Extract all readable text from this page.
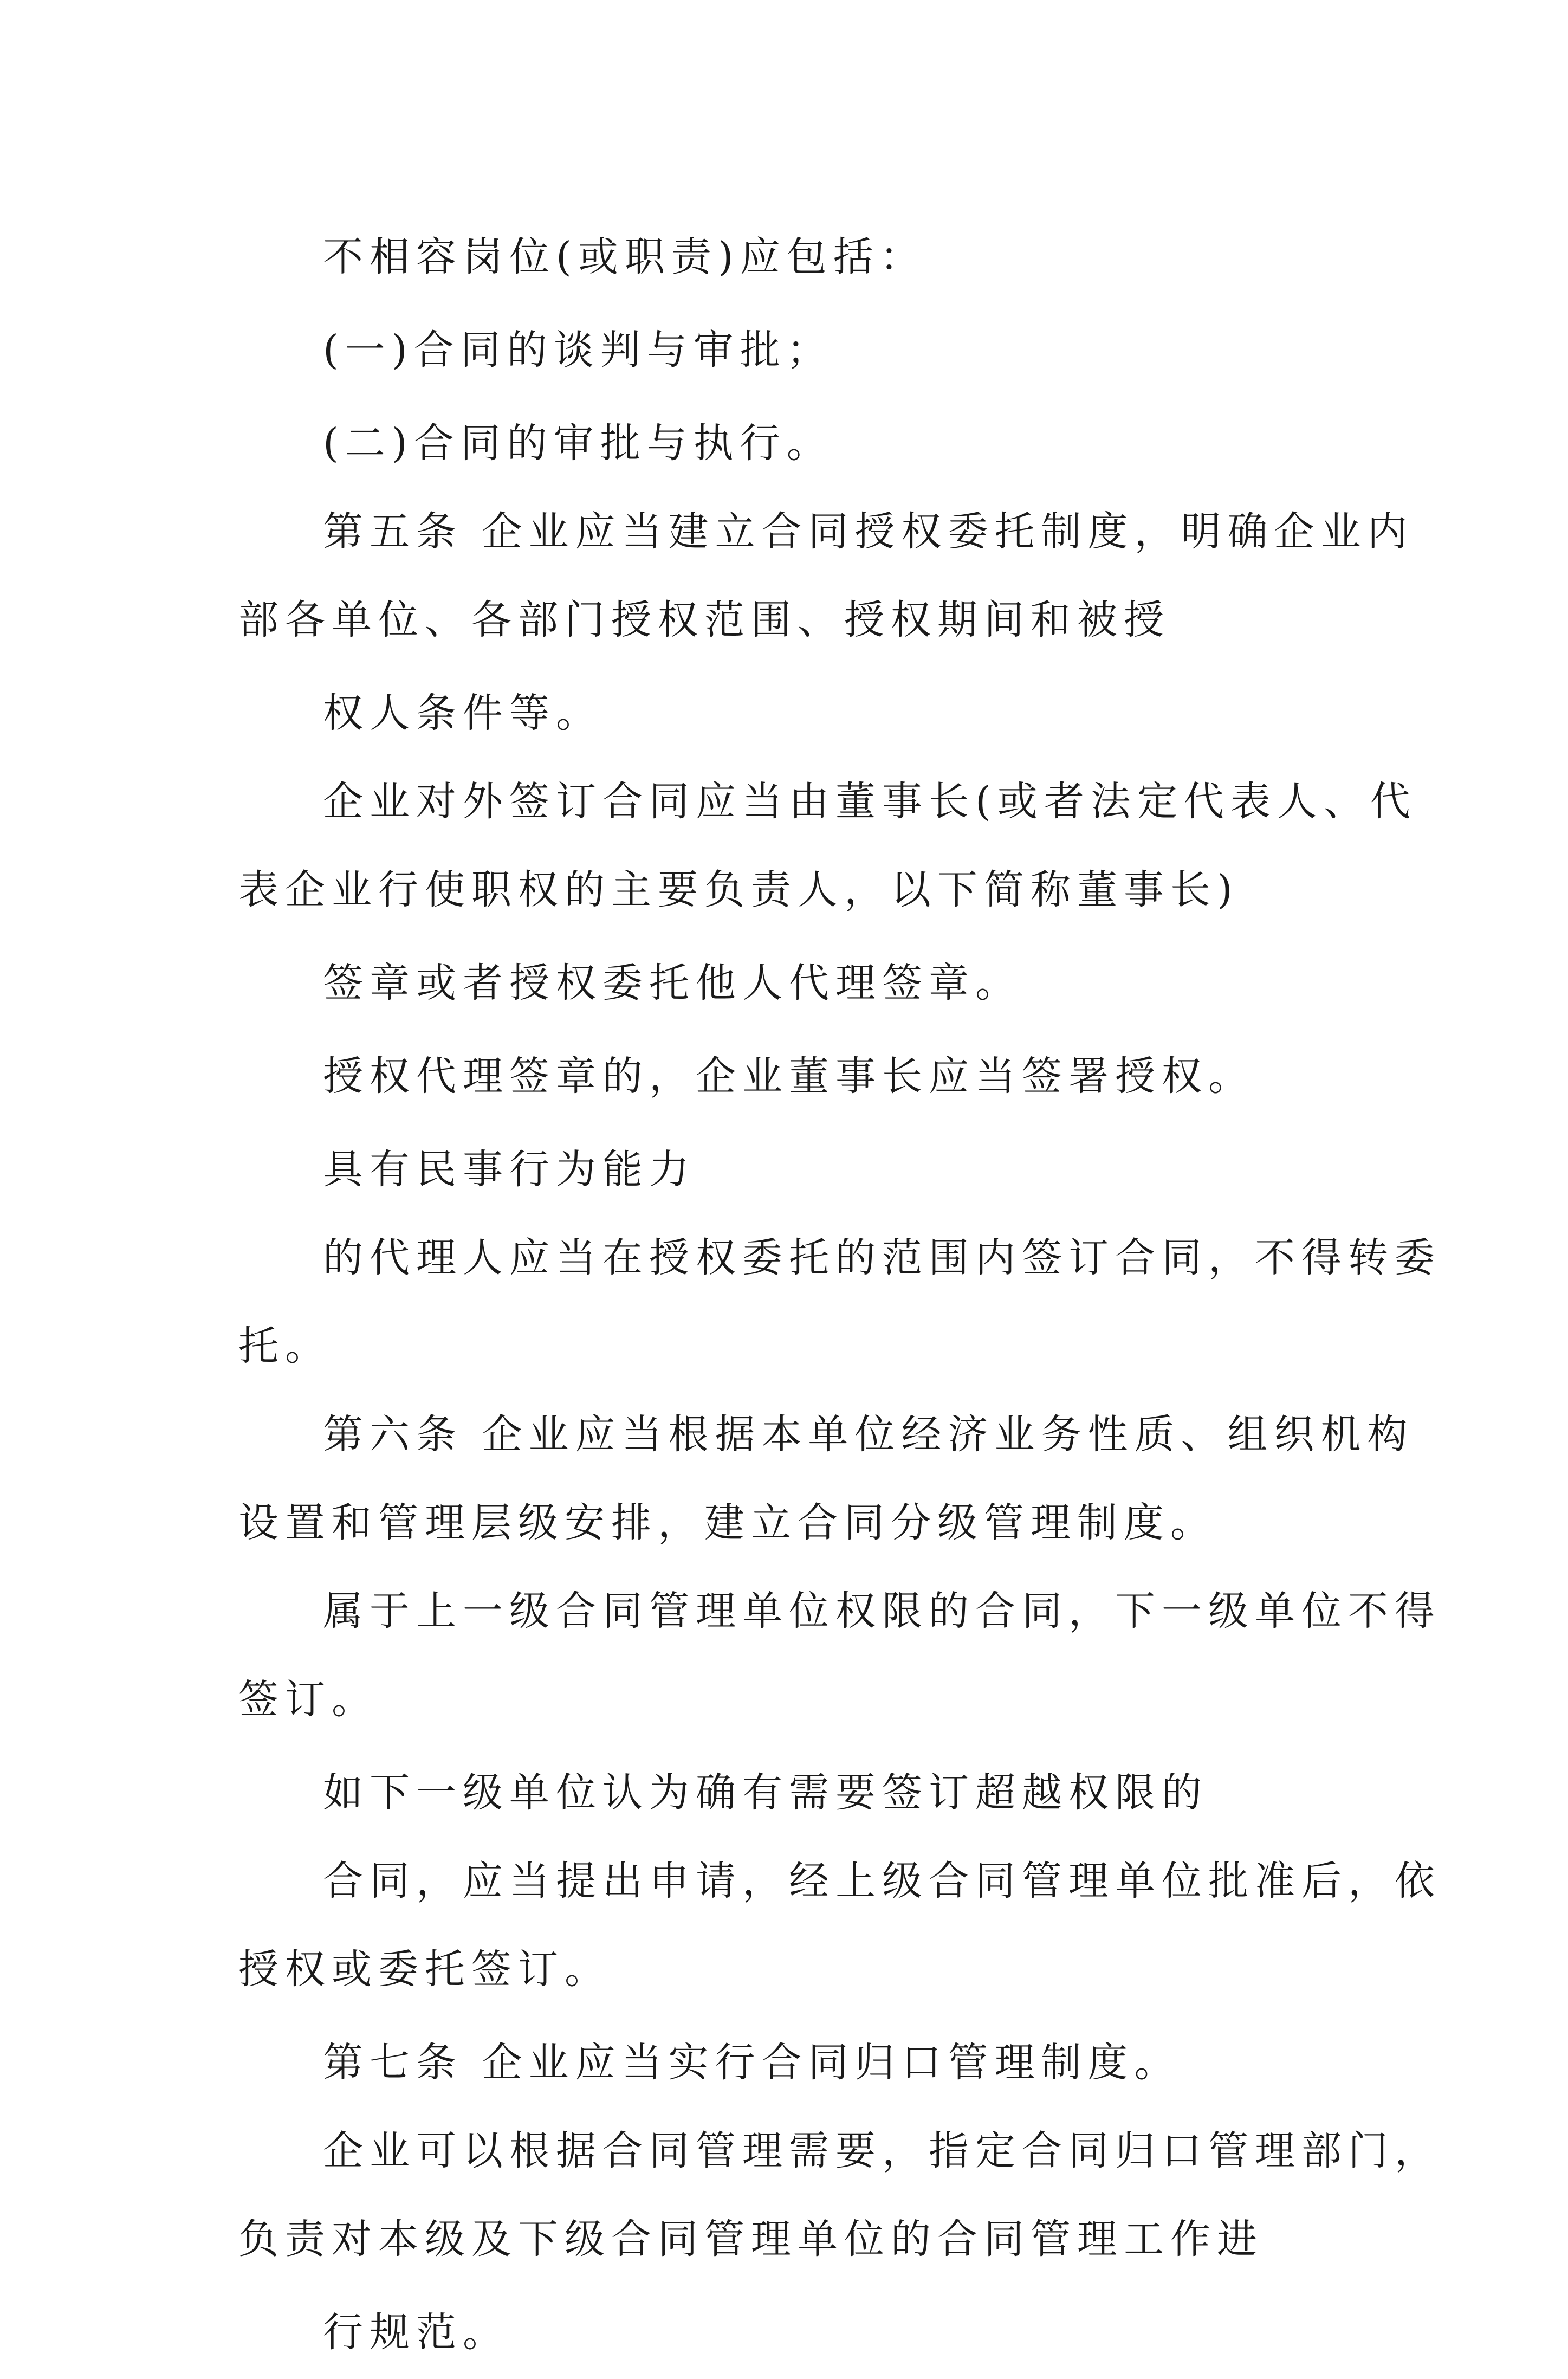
不相容岗位(或职责)应包括：
(一)合同的谈判与审批；
(二)合同的审批与执行。
第五条 企业应当建立合同授权委托制度，明确企业内
部各单位、各部门授权范围、授权期间和被授
权人条件等。
企业对外签订合同应当由董事长(或者法定代表人、代
表企业行使职权的主要负责人，以下简称董事长)
签章或者授权委托他人代理签章。
授权代理签章的，企业董事长应当签署授权。
具有民事行为能力
的代理人应当在授权委托的范围内签订合同，不得转委
托。
第六条 企业应当根据本单位经济业务性质、组织机构
设置和管理层级安排，建立合同分级管理制度。
属于上一级合同管理单位权限的合同，下一级单位不得
签订。
如下一级单位认为确有需要签订超越权限的
合同，应当提出申请，经上级合同管理单位批准后，依
授权或委托签订。
第七条 企业应当实行合同归口管理制度。
企业可以根据合同管理需要，指定合同归口管理部门，
负责对本级及下级合同管理单位的合同管理工作进
行规范。
